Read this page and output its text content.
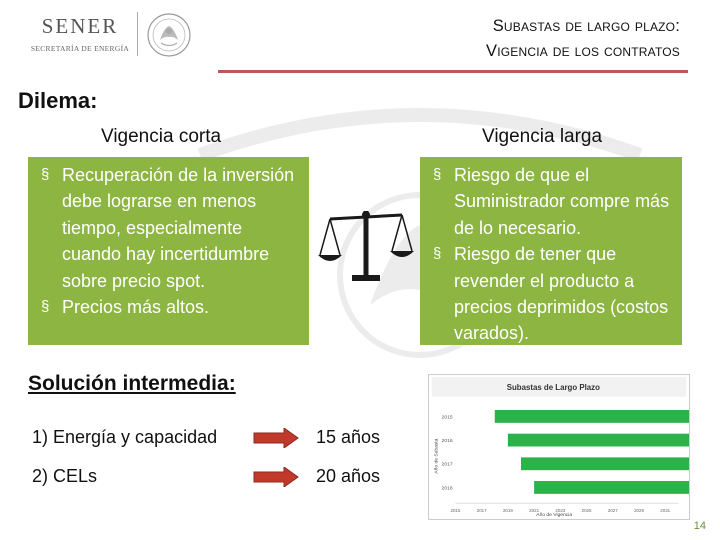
SENER
SECRETARÍA DE ENERGÍA
Subastas de largo plazo:
Vigencia de los contratos
Dilema:
Vigencia corta	Vigencia larga
§ Recuperación de la inversión debe lograrse en menos tiempo, especialmente cuando hay incertidumbre sobre precio spot.
§ Precios más altos.
§ Riesgo de que el Suministrador compre más de lo necesario.
§ Riesgo de tener que revender el producto a precios deprimidos (costos varados).
Solución intermedia:
1) Energía y capacidad	15 años
2) CELs	20 años
Subastas de Largo Plazo
Año de Subasta
Año de Vigencia
2015
2016
2017
2018
2015	2017	2019	2021	2023	2025	2027	2029	2031
14
